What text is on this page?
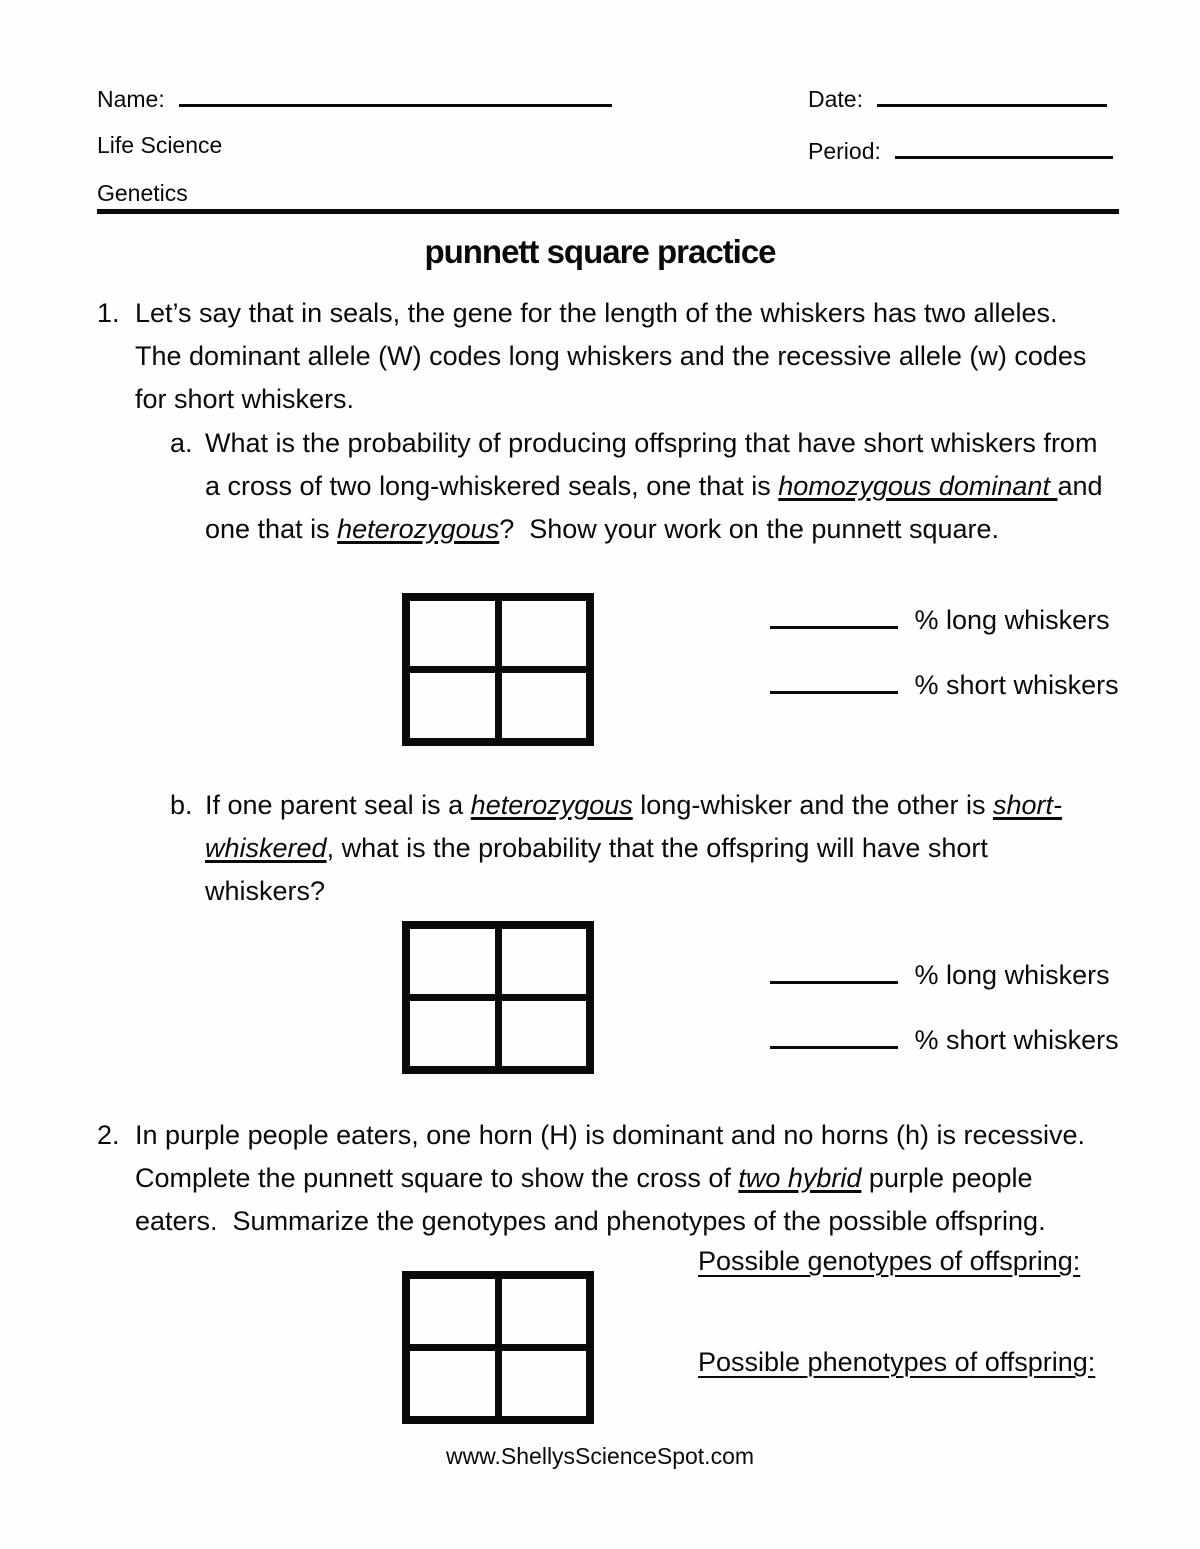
Name:	Date:
Life Science	Period:
Genetics
punnett square practice
1. Let’s say that in seals, the gene for the length of the whiskers has two alleles.  The dominant allele (W) codes long whiskers and the recessive allele (w) codes for short whiskers.
a. What is the probability of producing offspring that have short whiskers from a cross of two long-whiskered seals, one that is homozygous dominant and one that is heterozygous?  Show your work on the punnett square.
% long whiskers
% short whiskers
b. If one parent seal is a heterozygous long-whisker and the other is short-whiskered, what is the probability that the offspring will have short whiskers?
% long whiskers
% short whiskers
2. In purple people eaters, one horn (H) is dominant and no horns (h) is recessive.  Complete the punnett square to show the cross of two hybrid purple people eaters.  Summarize the genotypes and phenotypes of the possible offspring.
Possible genotypes of offspring:
Possible phenotypes of offspring:
www.ShellysScienceSpot.com
